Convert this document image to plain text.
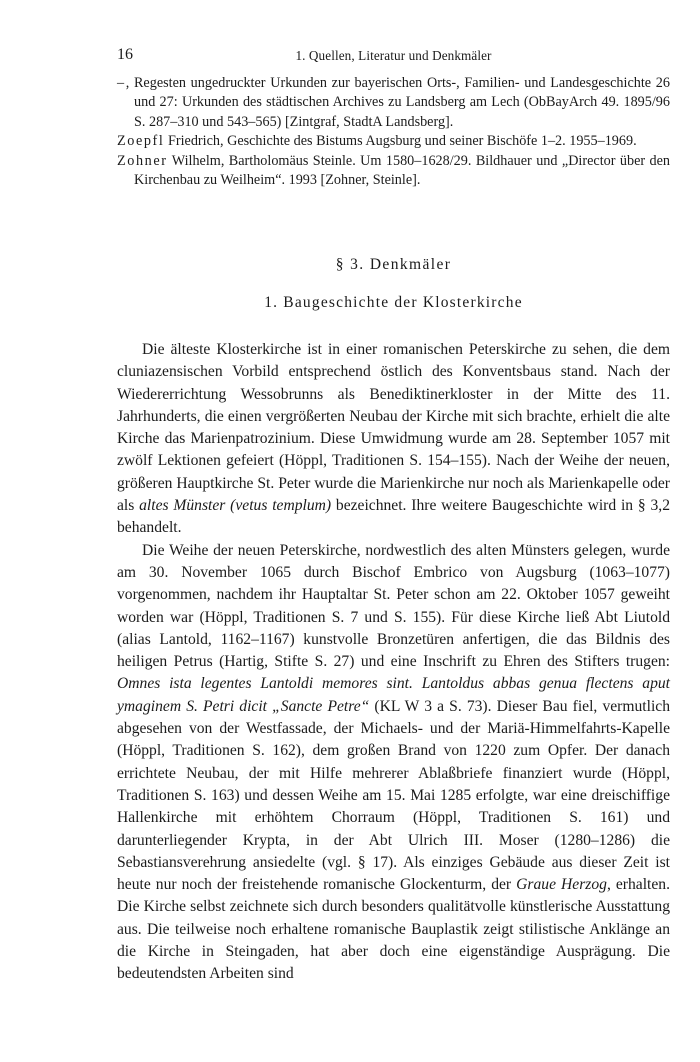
16	1. Quellen, Literatur und Denkmäler

–, Regesten ungedruckter Urkunden zur bayerischen Orts-, Familien- und Landesgeschichte 26 und 27: Urkunden des städtischen Archives zu Landsberg am Lech (ObBayArch 49. 1895/96 S. 287–310 und 543–565) [Zintgraf, StadtA Landsberg].

Zoepfl Friedrich, Geschichte des Bistums Augsburg und seiner Bischöfe 1–2. 1955–1969.

Zohner Wilhelm, Bartholomäus Steinle. Um 1580–1628/29. Bildhauer und „Director über den Kirchenbau zu Weilheim“. 1993 [Zohner, Steinle].

§ 3. Denkmäler
1. Baugeschichte der Klosterkirche

Die älteste Klosterkirche ist in einer romanischen Peterskirche zu sehen, die dem cluniazensischen Vorbild entsprechend östlich des Konventsbaus stand. Nach der Wiedererrichtung Wessobrunns als Benediktinerkloster in der Mitte des 11. Jahrhunderts, die einen vergrößerten Neubau der Kirche mit sich brachte, erhielt die alte Kirche das Marienpatrozinium. Diese Umwidmung wurde am 28. September 1057 mit zwölf Lektionen gefeiert (Höppl, Traditionen S. 154–155). Nach der Weihe der neuen, größeren Hauptkirche St. Peter wurde die Marienkirche nur noch als Marienkapelle oder als altes Münster (vetus templum) bezeichnet. Ihre weitere Baugeschichte wird in § 3,2 behandelt.

Die Weihe der neuen Peterskirche, nordwestlich des alten Münsters gelegen, wurde am 30. November 1065 durch Bischof Embrico von Augsburg (1063–1077) vorgenommen, nachdem ihr Hauptaltar St. Peter schon am 22. Oktober 1057 geweiht worden war (Höppl, Traditionen S. 7 und S. 155). Für diese Kirche ließ Abt Liutold (alias Lantold, 1162–1167) kunstvolle Bronzetüren anfertigen, die das Bildnis des heiligen Petrus (Hartig, Stifte S. 27) und eine Inschrift zu Ehren des Stifters trugen: Omnes ista legentes Lantoldi memores sint. Lantoldus abbas genua flectens aput ymaginem S. Petri dicit „Sancte Petre“ (KL W 3 a S. 73). Dieser Bau fiel, vermutlich abgesehen von der Westfassade, der Michaels- und der Mariä-Himmelfahrts-Kapelle (Höppl, Traditionen S. 162), dem großen Brand von 1220 zum Opfer. Der danach errichtete Neubau, der mit Hilfe mehrerer Ablaßbriefe finanziert wurde (Höppl, Traditionen S. 163) und dessen Weihe am 15. Mai 1285 erfolgte, war eine dreischiffige Hallenkirche mit erhöhtem Chorraum (Höppl, Traditionen S. 161) und darunterliegender Krypta, in der Abt Ulrich III. Moser (1280–1286) die Sebastiansverehrung ansiedelte (vgl. § 17). Als einziges Gebäude aus dieser Zeit ist heute nur noch der freistehende romanische Glockenturm, der Graue Herzog, erhalten. Die Kirche selbst zeichnete sich durch besonders qualitätvolle künstlerische Ausstattung aus. Die teilweise noch erhaltene romanische Bauplastik zeigt stilistische Anklänge an die Kirche in Steingaden, hat aber doch eine eigenständige Ausprägung. Die bedeutendsten Arbeiten sind
